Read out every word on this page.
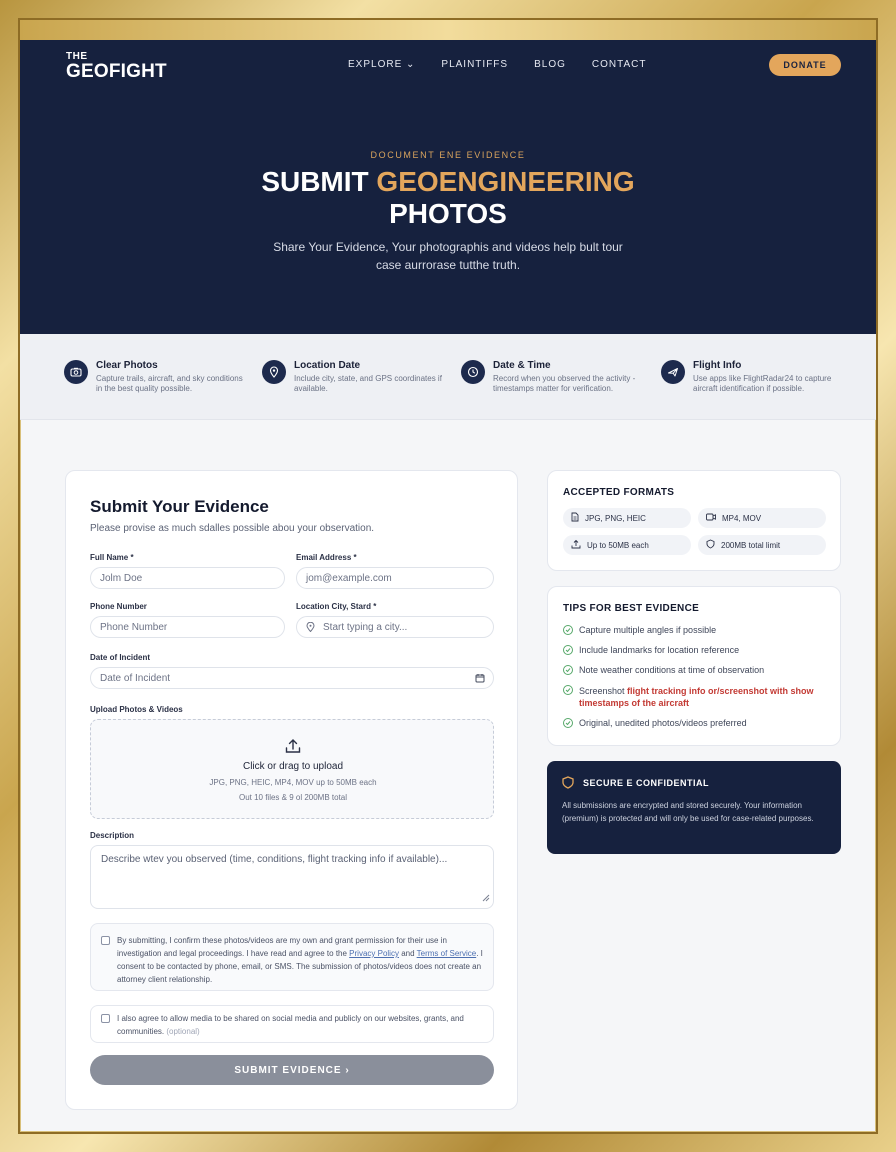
THE
GEOFIGHT	EXPLORE ⌄	PLAINTIFFS	BLOG	CONTACT	DONATE
DOCUMENT ENE EVIDENCE
SUBMIT GEOENGINEERING
PHOTOS
Share Your Evidence, Your photographis and videos help bult tour case aurrorase tutthe truth.
Clear Photos
Capture trails, aircraft, and sky conditions in the best quality possible.
Location Date
Include city, state, and GPS coordinates if available.
Date & Time
Record when you observed the activity - timestamps matter for verification.
Flight Info
Use apps like FlightRadar24 to capture aircraft identification if possible.
Submit Your Evidence
Please provise as much sdalles possible abou your observation.
Full Name *
Jolm Doe
Email Address *
jom@example.com
Phone Number
Phone Number
Location City, Stard *
Start typing a city...
Date of Incident
Date of Incident
Upload Photos & Videos
Click or drag to upload
JPG, PNG, HEIC, MP4, MOV up to 50MB each
Out 10 files & 9 ol 200MB total
Description
Describe wtev you observed (time, conditions, flight tracking info if available)...
By submitting, I confirm these photos/videos are my own and grant permission for their use in investigation and legal proceedings. I have read and agree to the Privacy Policy and Terms of Service. I consent to be contacted by phone, email, or SMS. The submission of photos/videos does not create an attorney client relationship.
I also agree to allow media to be shared on social media and publicly on our websites, grants, and communities. (optional)
SUBMIT EVIDENCE ›
ACCEPTED FORMATS
JPG, PNG, HEIC	MP4, MOV
Up to 50MB each	200MB total limit
TIPS FOR BEST EVIDENCE
Capture multiple angles if possible
Include landmarks for location reference
Note weather conditions at time of observation
Screenshot flight tracking info or/screenshot with show timestamps of the aircraft
Original, unedited photos/videos preferred
SECURE E CONFIDENTIAL
All submissions are encrypted and stored securely. Your information (premium) is protected and will only be used for case-related purposes.
